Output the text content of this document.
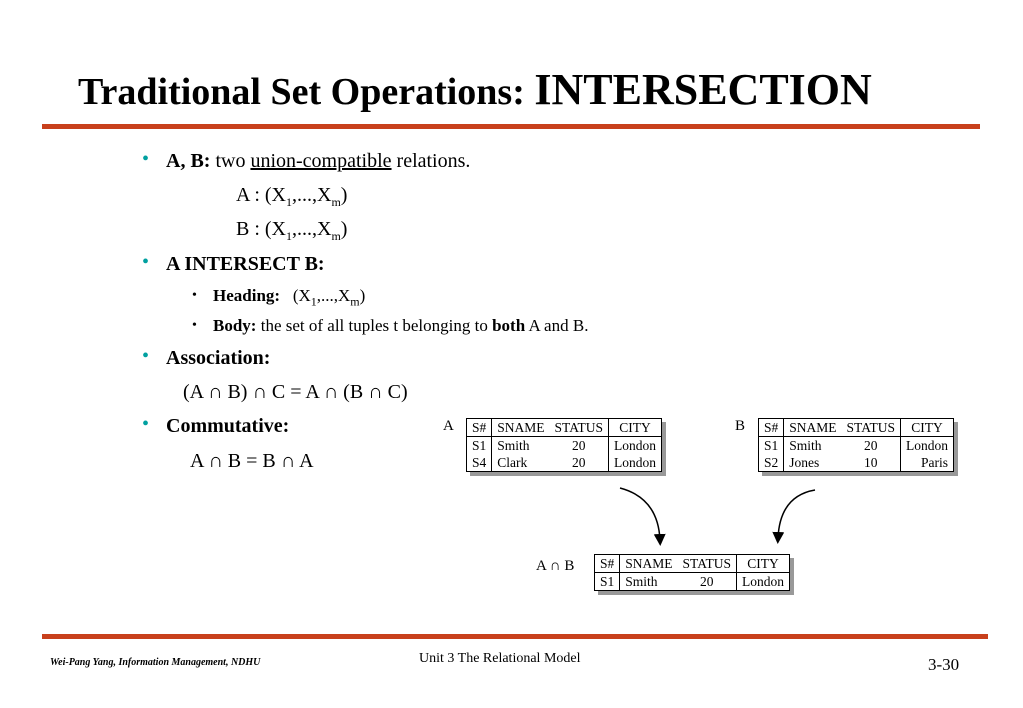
Traditional Set Operations: INTERSECTION
• A, B: two union-compatible relations.
A : $(X_1,...,X_m)$
B : $(X_1,...,X_m)$
• A INTERSECT B:
• Heading: $(X_1,...,X_m)$
• Body: the set of all tuples t belonging to both A and B.
• Association:
(A ∩ B) ∩ C = A ∩ (B ∩ C)
• Commutative:
A ∩ B = B ∩ A
A	B
A ∩ B
S#	SNAME	STATUS	CITY
S1	Smith	20	London
S4	Clark	20	London
S#	SNAME	STATUS	CITY
S1	Smith	20	London
S2	Jones	10	Paris
S#	SNAME	STATUS	CITY
S1	Smith	20	London
Wei-Pang Yang, Information Management, NDHU	Unit 3 The Relational Model	3-30
